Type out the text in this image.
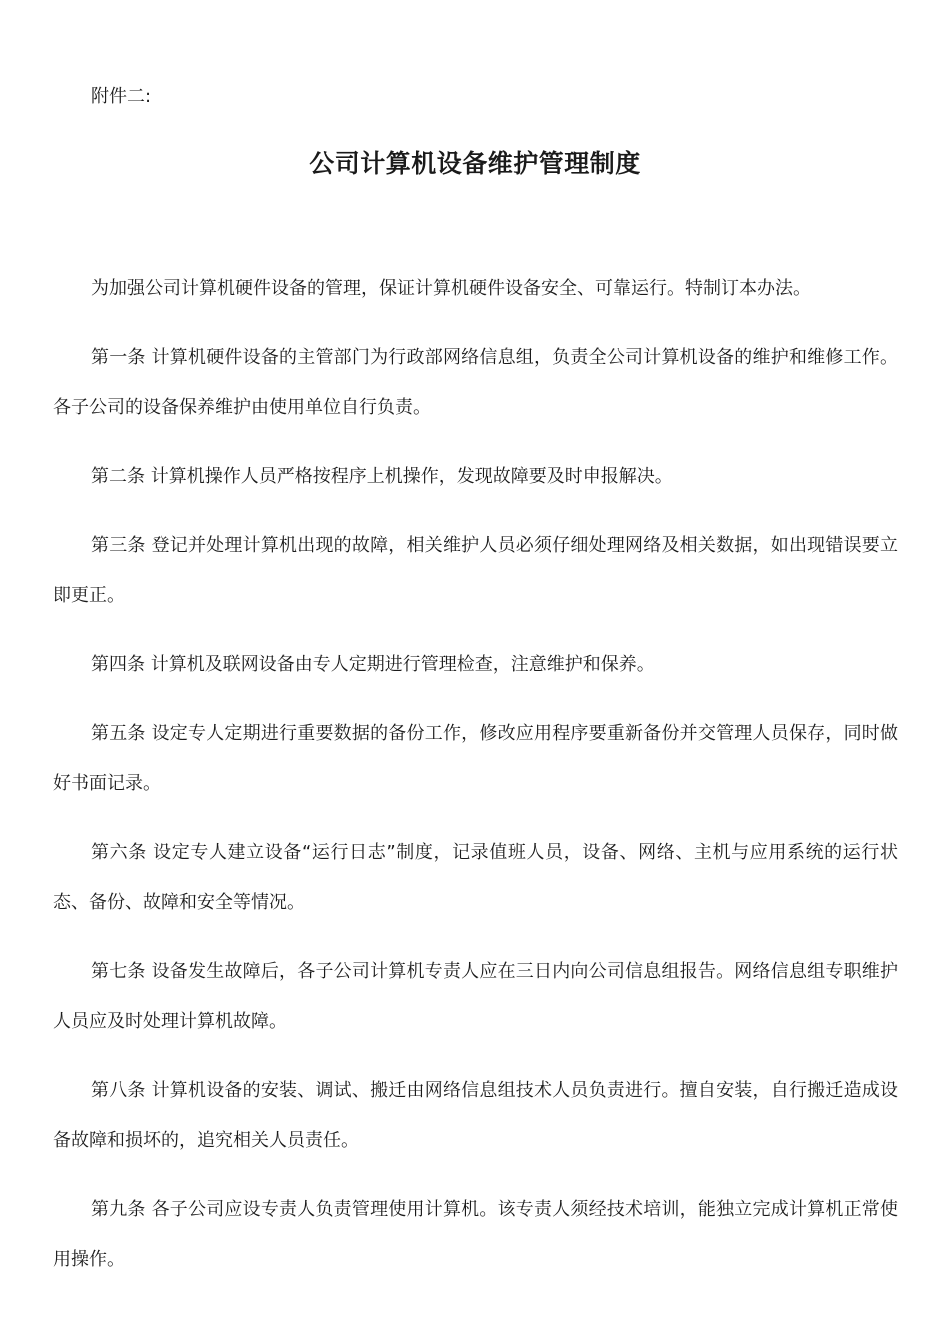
附件二:
公司计算机设备维护管理制度

为加强公司计算机硬件设备的管理，保证计算机硬件设备安全、可靠运行。特制订本办法。

第一条 计算机硬件设备的主管部门为行政部网络信息组，负责全公司计算机设备的维护和维修工作。各子公司的设备保养维护由使用单位自行负责。

第二条 计算机操作人员严格按程序上机操作，发现故障要及时申报解决。

第三条 登记并处理计算机出现的故障，相关维护人员必须仔细处理网络及相关数据，如出现错误要立即更正。

第四条 计算机及联网设备由专人定期进行管理检查，注意维护和保养。

第五条 设定专人定期进行重要数据的备份工作，修改应用程序要重新备份并交管理人员保存，同时做好书面记录。

第六条 设定专人建立设备“运行日志”制度，记录值班人员，设备、网络、主机与应用系统的运行状态、备份、故障和安全等情况。

第七条 设备发生故障后，各子公司计算机专责人应在三日内向公司信息组报告。网络信息组专职维护人员应及时处理计算机故障。

第八条 计算机设备的安装、调试、搬迁由网络信息组技术人员负责进行。擅自安装，自行搬迁造成设备故障和损坏的，追究相关人员责任。

第九条 各子公司应设专责人负责管理使用计算机。该专责人须经技术培训，能独立完成计算机正常使用操作。
